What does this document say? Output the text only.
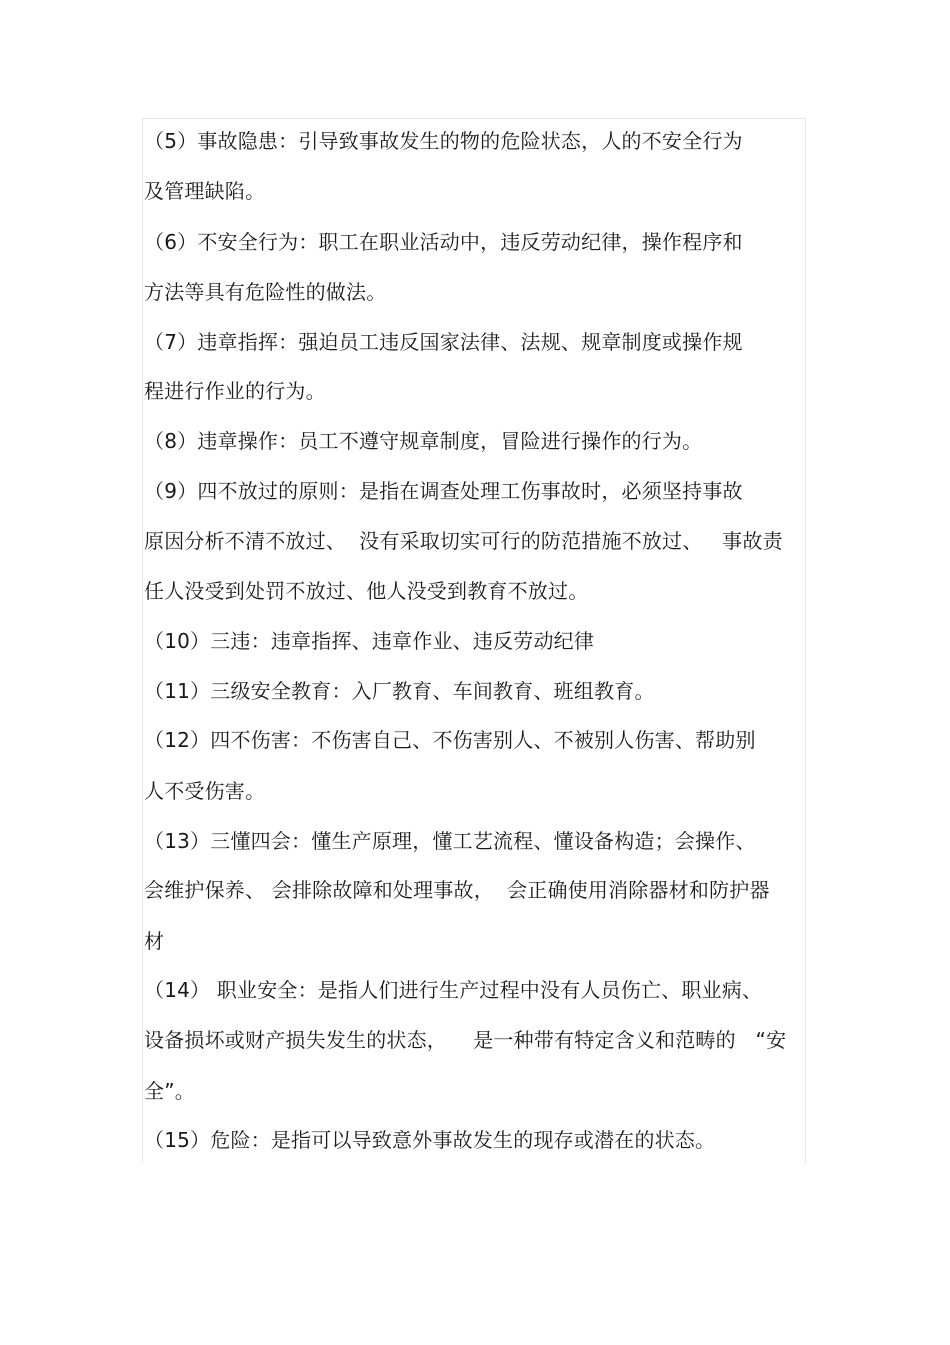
（5）事故隐患：引导致事故发生的物的危险状态，人的不安全行为
及管理缺陷。
（6）不安全行为：职工在职业活动中，违反劳动纪律，操作程序和
方法等具有危险性的做法。
（7）违章指挥：强迫员工违反国家法律、法规、规章制度或操作规
程进行作业的行为。
（8）违章操作：员工不遵守规章制度，冒险进行操作的行为。
（9）四不放过的原则：是指在调查处理工伤事故时，必须坚持事故
原因分析不清不放过、  没有采取切实可行的防范措施不放过、   事故责
任人没受到处罚不放过、他人没受到教育不放过。
（10）三违：违章指挥、违章作业、违反劳动纪律
（11）三级安全教育：入厂教育、车间教育、班组教育。
（12）四不伤害：不伤害自己、不伤害别人、不被别人伤害、帮助别
人不受伤害。
（13）三懂四会：懂生产原理，懂工艺流程、懂设备构造；会操作、
会维护保养、 会排除故障和处理事故，  会正确使用消除器材和防护器
材
（14） 职业安全：是指人们进行生产过程中没有人员伤亡、职业病、
设备损坏或财产损失发生的状态，    是一种带有特定含义和范畴的   “安
全”。
（15）危险：是指可以导致意外事故发生的现存或潜在的状态。
